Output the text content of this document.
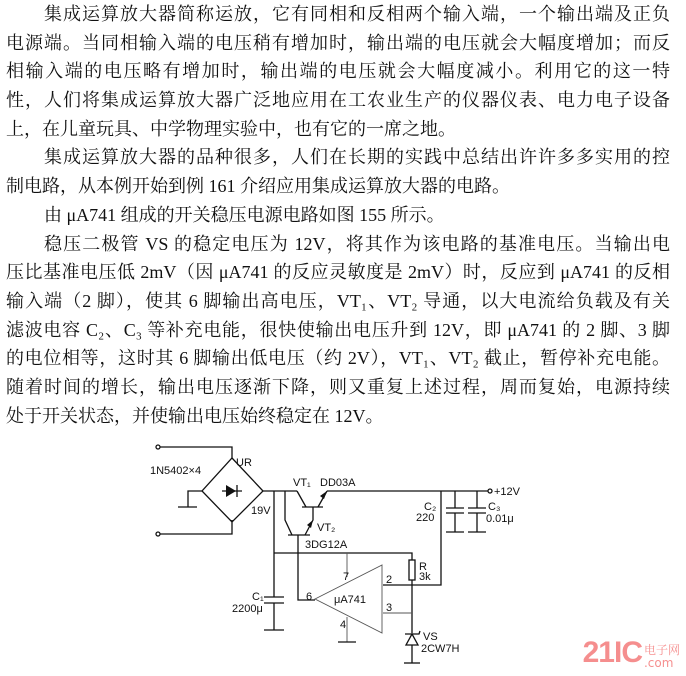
集成运算放大器简称运放，它有同相和反相两个输入端，一个输出端及正负
电源端。当同相输入端的电压稍有增加时，输出端的电压就会大幅度增加；而反
相输入端的电压略有增加时，输出端的电压就会大幅度减小。利用它的这一特
性，人们将集成运算放大器广泛地应用在工农业生产的仪器仪表、电力电子设备
上，在儿童玩具、中学物理实验中，也有它的一席之地。
集成运算放大器的品种很多，人们在长期的实践中总结出许许多多实用的控
制电路，从本例开始到例 161 介绍应用集成运算放大器的电路。
由 μA741 组成的开关稳压电源电路如图 155 所示。
稳压二极管 VS 的稳定电压为 12V，将其作为该电路的基准电压。当输出电
压比基准电压低 2mV（因 μA741 的反应灵敏度是 2mV）时，反应到 μA741 的反相
输入端（2 脚），使其 6 脚输出高电压，VT₁、VT₂ 导通，以大电流给负载及有关
滤波电容 C₂、C₃ 等补充电能，很快使输出电压升到 12V，即 μA741 的 2 脚、3 脚
的电位相等，这时其 6 脚输出低电压（约 2V），VT₁、VT₂ 截止，暂停补充电能。
随着时间的增长，输出电压逐渐下降，则又重复上述过程，周而复始，电源持续
处于开关状态，并使输出电压始终稳定在 12V。
UR
1N5402×4
19V
VT₁ DD03A
VT₂
3DG12A
+12V
C₁
2200μ
C₂
220
C₃
0.01μ
R
3k
μA741
7	2
6
3
4
VS
2CW7H	21IC 电子网
.com
